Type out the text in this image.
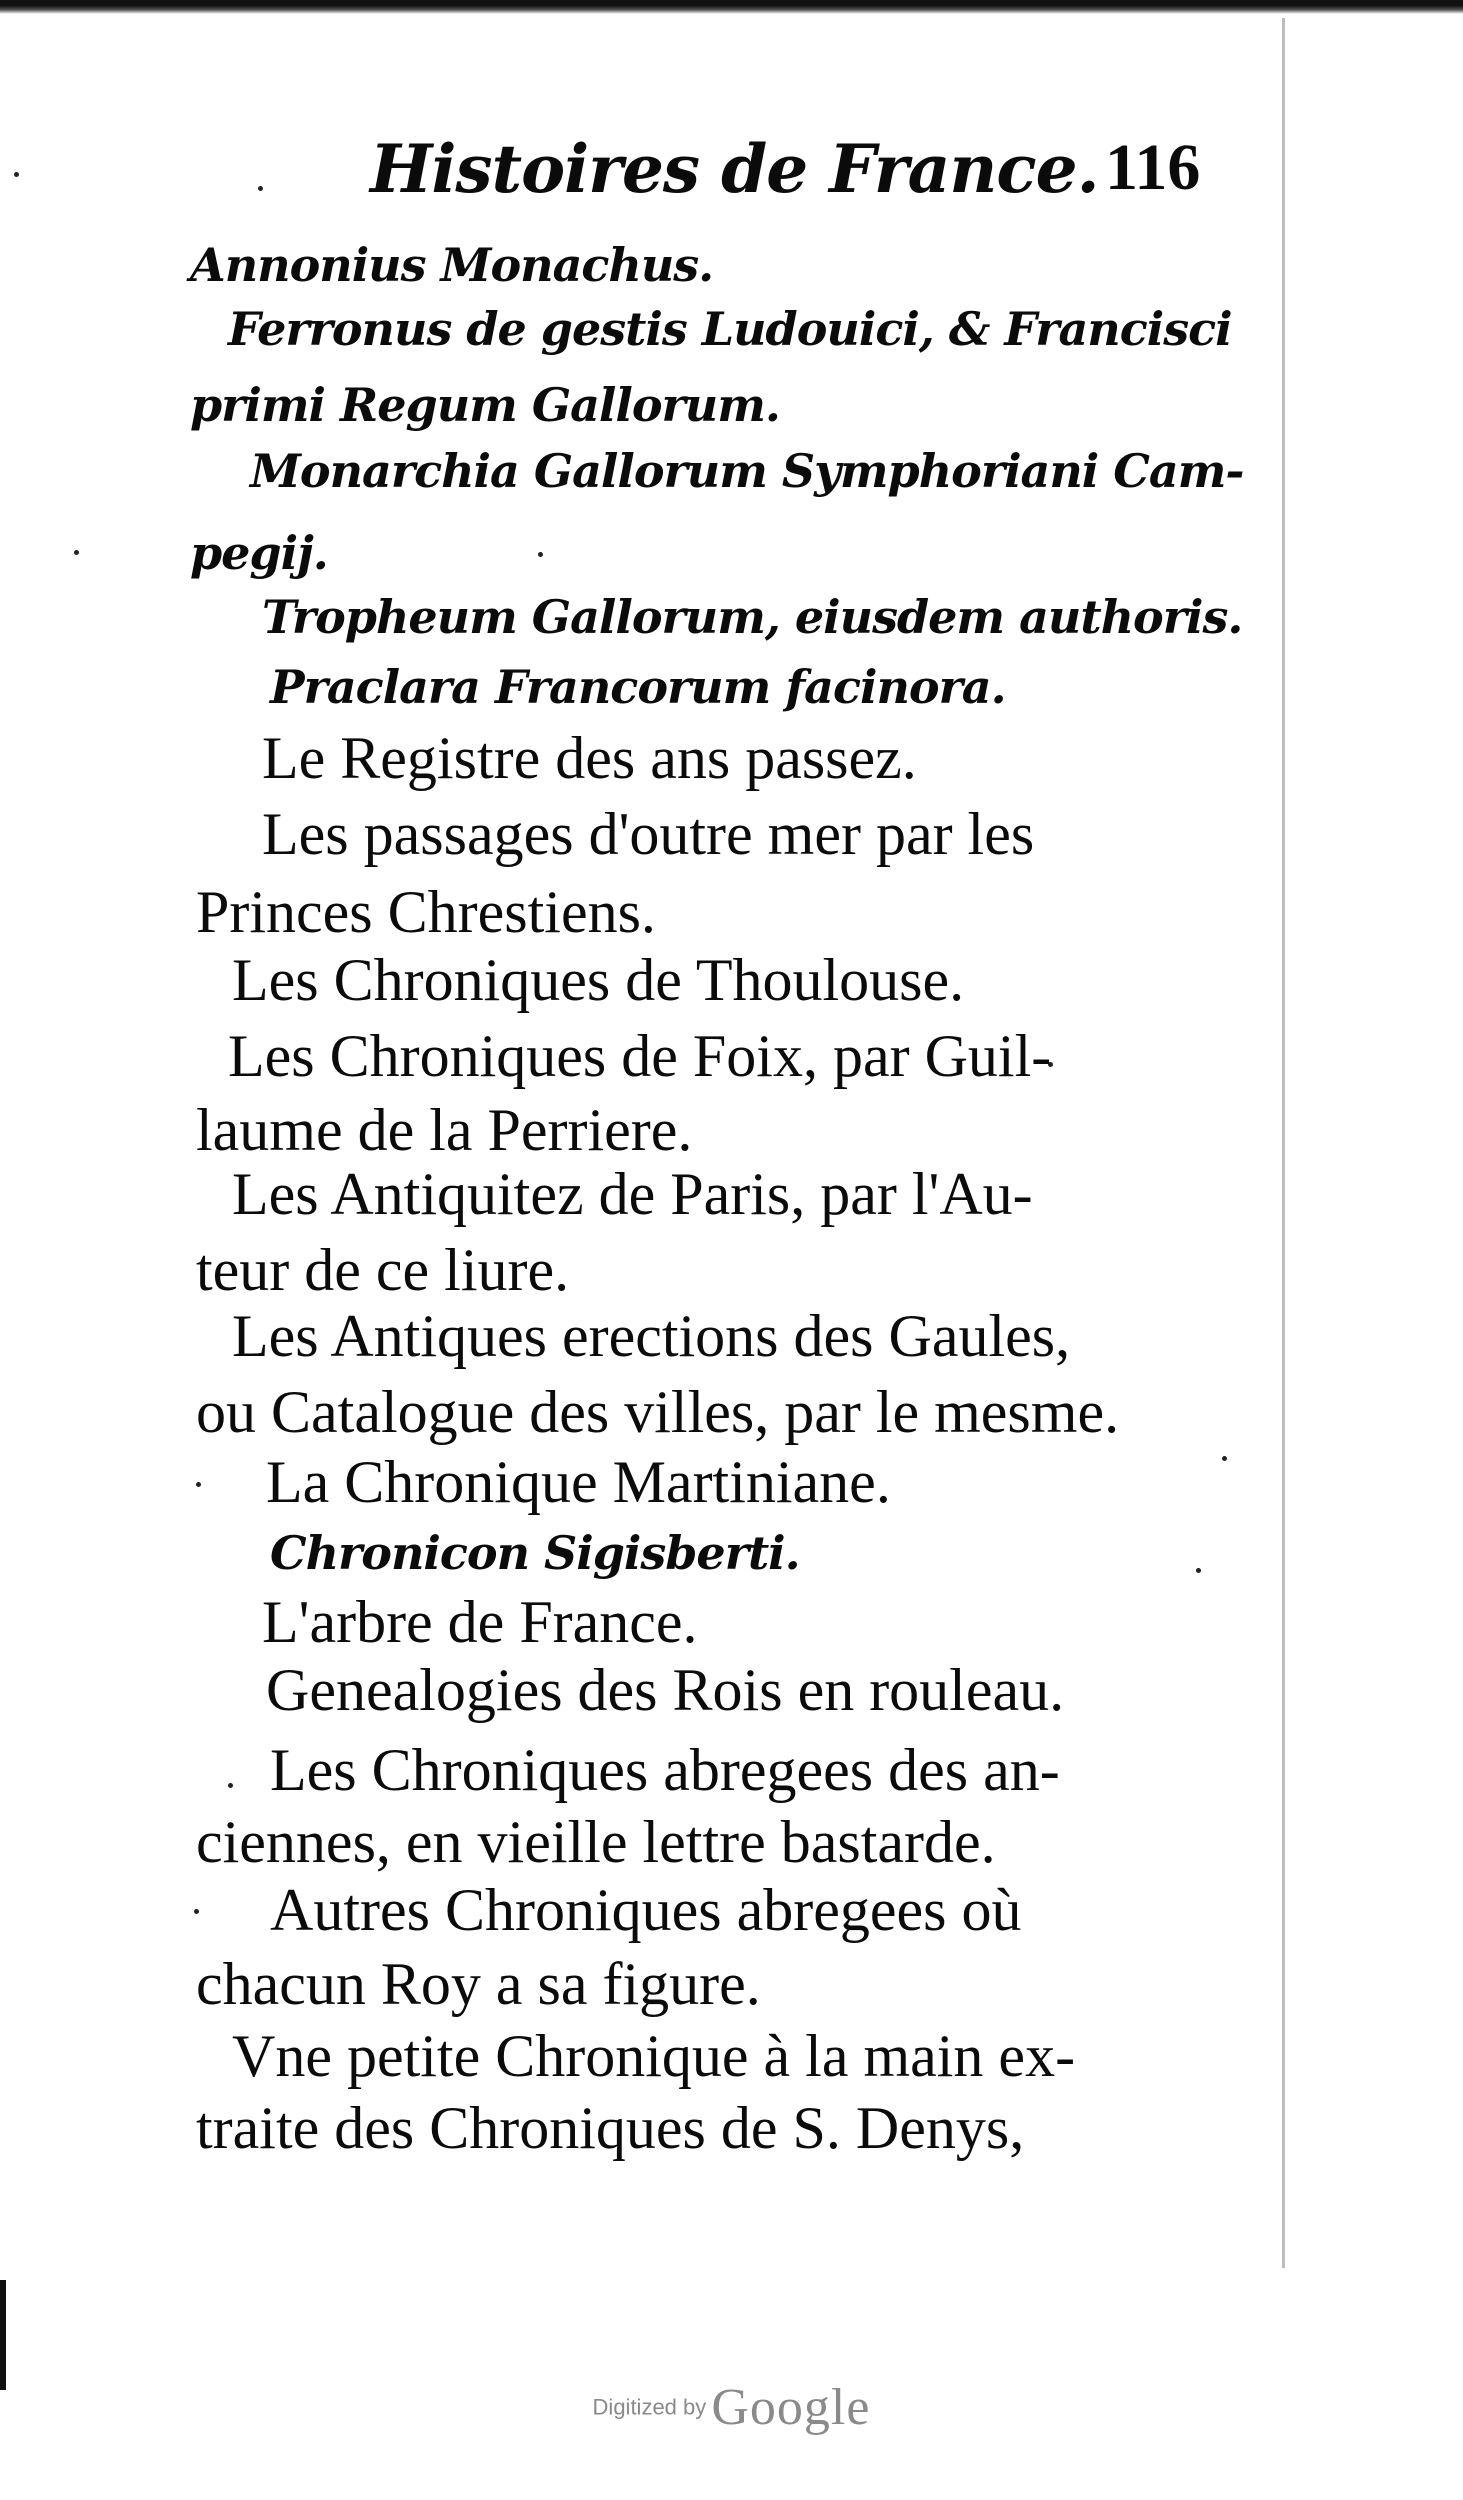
Histoires de France. 116
Annonius Monachus.
Ferronus de gestis Ludouici, & Francisci
primi Regum Gallorum.
Monarchia Gallorum Symphoriani Cam-
pegij.
Tropheum Gallorum, eiusdem authoris.
Praclara Francorum facinora.
Le Registre des ans passez.
Les passages d'outre mer par les
Princes Chrestiens.
Les Chroniques de Thoulouse.
Les Chroniques de Foix, par Guil-
laume de la Perriere.
Les Antiquitez de Paris, par l'Au-
teur de ce liure.
Les Antiques erections des Gaules,
ou Catalogue des villes, par le mesme.
La Chronique Martiniane.
Chronicon Sigisberti.
L'arbre de France.
Genealogies des Rois en rouleau.
Les Chroniques abregees des an-
ciennes, en vieille lettre bastarde.
Autres Chroniques abregees où
chacun Roy a sa figure.
Vne petite Chronique à la main ex-
traite des Chroniques de S. Denys,
Digitized by Google
